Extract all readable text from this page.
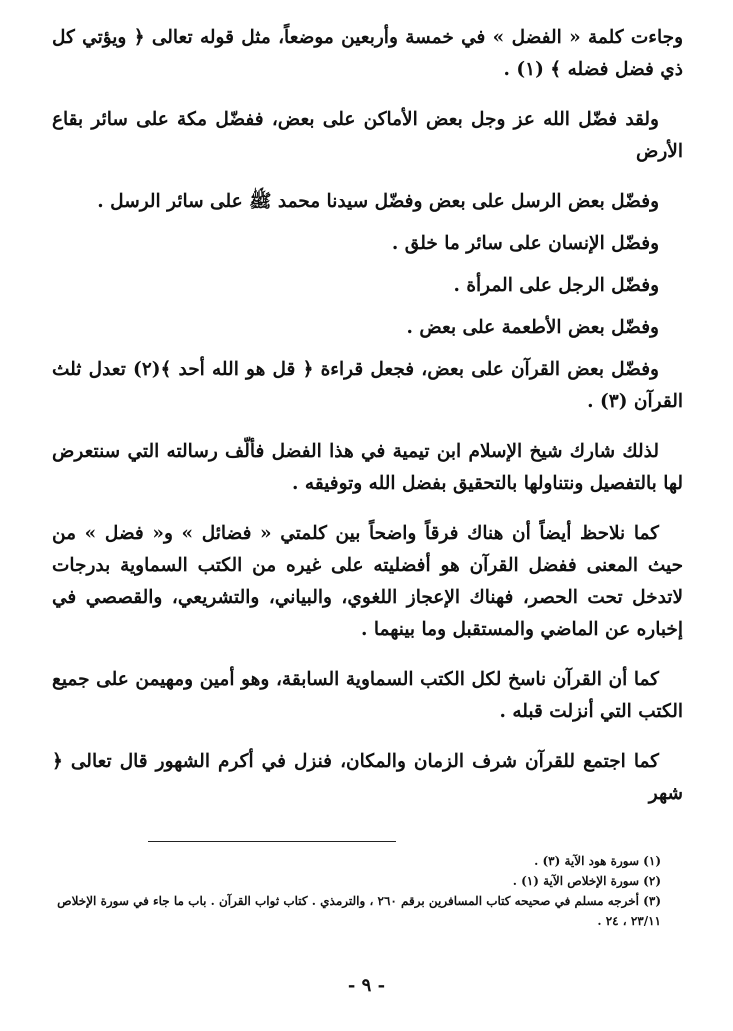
وجاءت كلمة « الفضل » في خمسة وأربعين موضعاً، مثل قوله تعالى ﴿ ويؤتي كل ذي فضل فضله ﴾ (١) .

ولقد فضّل الله عز وجل بعض الأماكن على بعض، ففضّل مكة على سائر بقاع الأرض

وفضّل بعض الرسل على بعض وفضّل سيدنا محمد ﷺ على سائر الرسل .

وفضّل الإنسان على سائر ما خلق .

وفضّل الرجل على المرأة .

وفضّل بعض الأطعمة على بعض .

وفضّل بعض القرآن على بعض، فجعل قراءة ﴿ قل هو الله أحد ﴾(٢) تعدل ثلث القرآن (٣) .

لذلك شارك شيخ الإسلام ابن تيمية في هذا الفضل فألّف رسالته التي سنتعرض لها بالتفصيل ونتناولها بالتحقيق بفضل الله وتوفيقه .

كما نلاحظ أيضاً أن هناك فرقاً واضحاً بين كلمتي « فضائل » و« فضل » من حيث المعنى ففضل القرآن هو أفضليته على غيره من الكتب السماوية بدرجات لاتدخل تحت الحصر، فهناك الإعجاز اللغوي، والبياني، والتشريعي، والقصصي في إخباره عن الماضي والمستقبل وما بينهما .

كما أن القرآن ناسخ لكل الكتب السماوية السابقة، وهو أمين ومهيمن على جميع الكتب التي أنزلت قبله .

كما اجتمع للقرآن شرف الزمان والمكان، فنزل في أكرم الشهور قال تعالى ﴿ شهر

(١) سورة هود الآية (٣) .
(٢) سورة الإخلاص الآية (١) .
(٣) أخرجه مسلم في صحيحه كتاب المسافرين برقم ٢٦٠ ، والترمذي . كتاب ثواب القرآن . باب ما جاء في سورة الإخلاص ٢٣/١١ ، ٢٤ .
- ٩ -
